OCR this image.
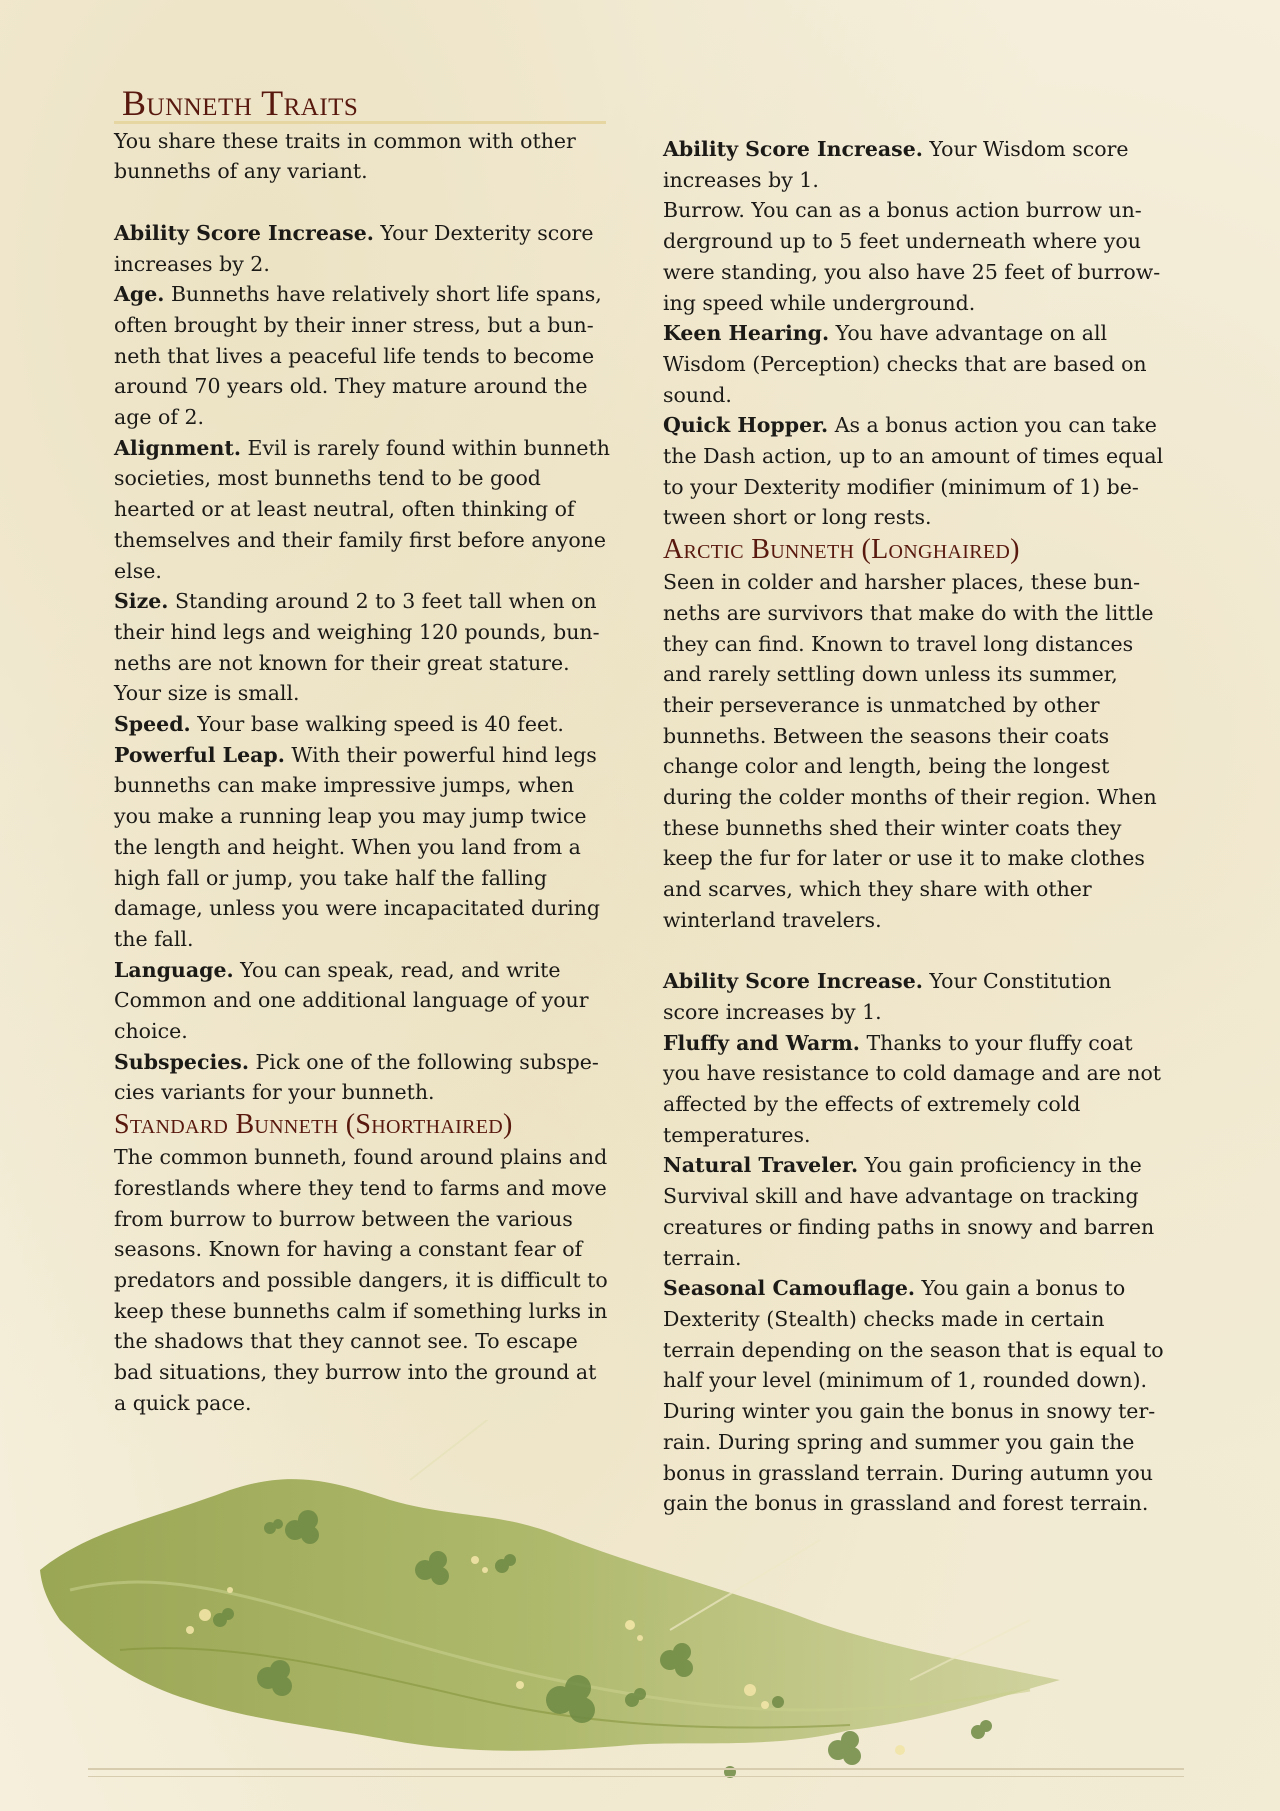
Bunneth Traits

You share these traits in common with other bunneths of any variant.

Ability Score Increase. Your Dexterity score increases by 2.

Age. Bunneths have relatively short life spans, often brought by their inner stress, but a bunneth that lives a peaceful life tends to become around 70 years old. They mature around the age of 2.

Alignment. Evil is rarely found within bunneth societies, most bunneths tend to be good hearted or at least neutral, often thinking of themselves and their family first before anyone else.

Size. Standing around 2 to 3 feet tall when on their hind legs and weighing 120 pounds, bunneths are not known for their great stature. Your size is small.

Speed. Your base walking speed is 40 feet.

Powerful Leap. With their powerful hind legs bunneths can make impressive jumps, when you make a running leap you may jump twice the length and height. When you land from a high fall or jump, you take half the falling damage, unless you were incapacitated during the fall.

Language. You can speak, read, and write Common and one additional language of your choice.

Subspecies. Pick one of the following subspecies variants for your bunneth.

Standard Bunneth (Shorthaired)

The common bunneth, found around plains and forestlands where they tend to farms and move from burrow to burrow between the various seasons. Known for having a constant fear of predators and possible dangers, it is difficult to keep these bunneths calm if something lurks in the shadows that they cannot see. To escape bad situations, they burrow into the ground at a quick pace.

Ability Score Increase. Your Wisdom score increases by 1.

Burrow. You can as a bonus action burrow underground up to 5 feet underneath where you were standing, you also have 25 feet of burrowing speed while underground.

Keen Hearing. You have advantage on all Wisdom (Perception) checks that are based on sound.

Quick Hopper. As a bonus action you can take the Dash action, up to an amount of times equal to your Dexterity modifier (minimum of 1) between short or long rests.

Arctic Bunneth (Longhaired)

Seen in colder and harsher places, these bunneths are survivors that make do with the little they can find. Known to travel long distances and rarely settling down unless its summer, their perseverance is unmatched by other bunneths. Between the seasons their coats change color and length, being the longest during the colder months of their region. When these bunneths shed their winter coats they keep the fur for later or use it to make clothes and scarves, which they share with other winterland travelers.

Ability Score Increase. Your Constitution score increases by 1.

Fluffy and Warm. Thanks to your fluffy coat you have resistance to cold damage and are not affected by the effects of extremely cold temperatures.

Natural Traveler. You gain proficiency in the Survival skill and have advantage on tracking creatures or finding paths in snowy and barren terrain.

Seasonal Camouflage. You gain a bonus to Dexterity (Stealth) checks made in certain terrain depending on the season that is equal to half your level (minimum of 1, rounded down). During winter you gain the bonus in snowy terrain. During spring and summer you gain the bonus in grassland terrain. During autumn you gain the bonus in grassland and forest terrain.
